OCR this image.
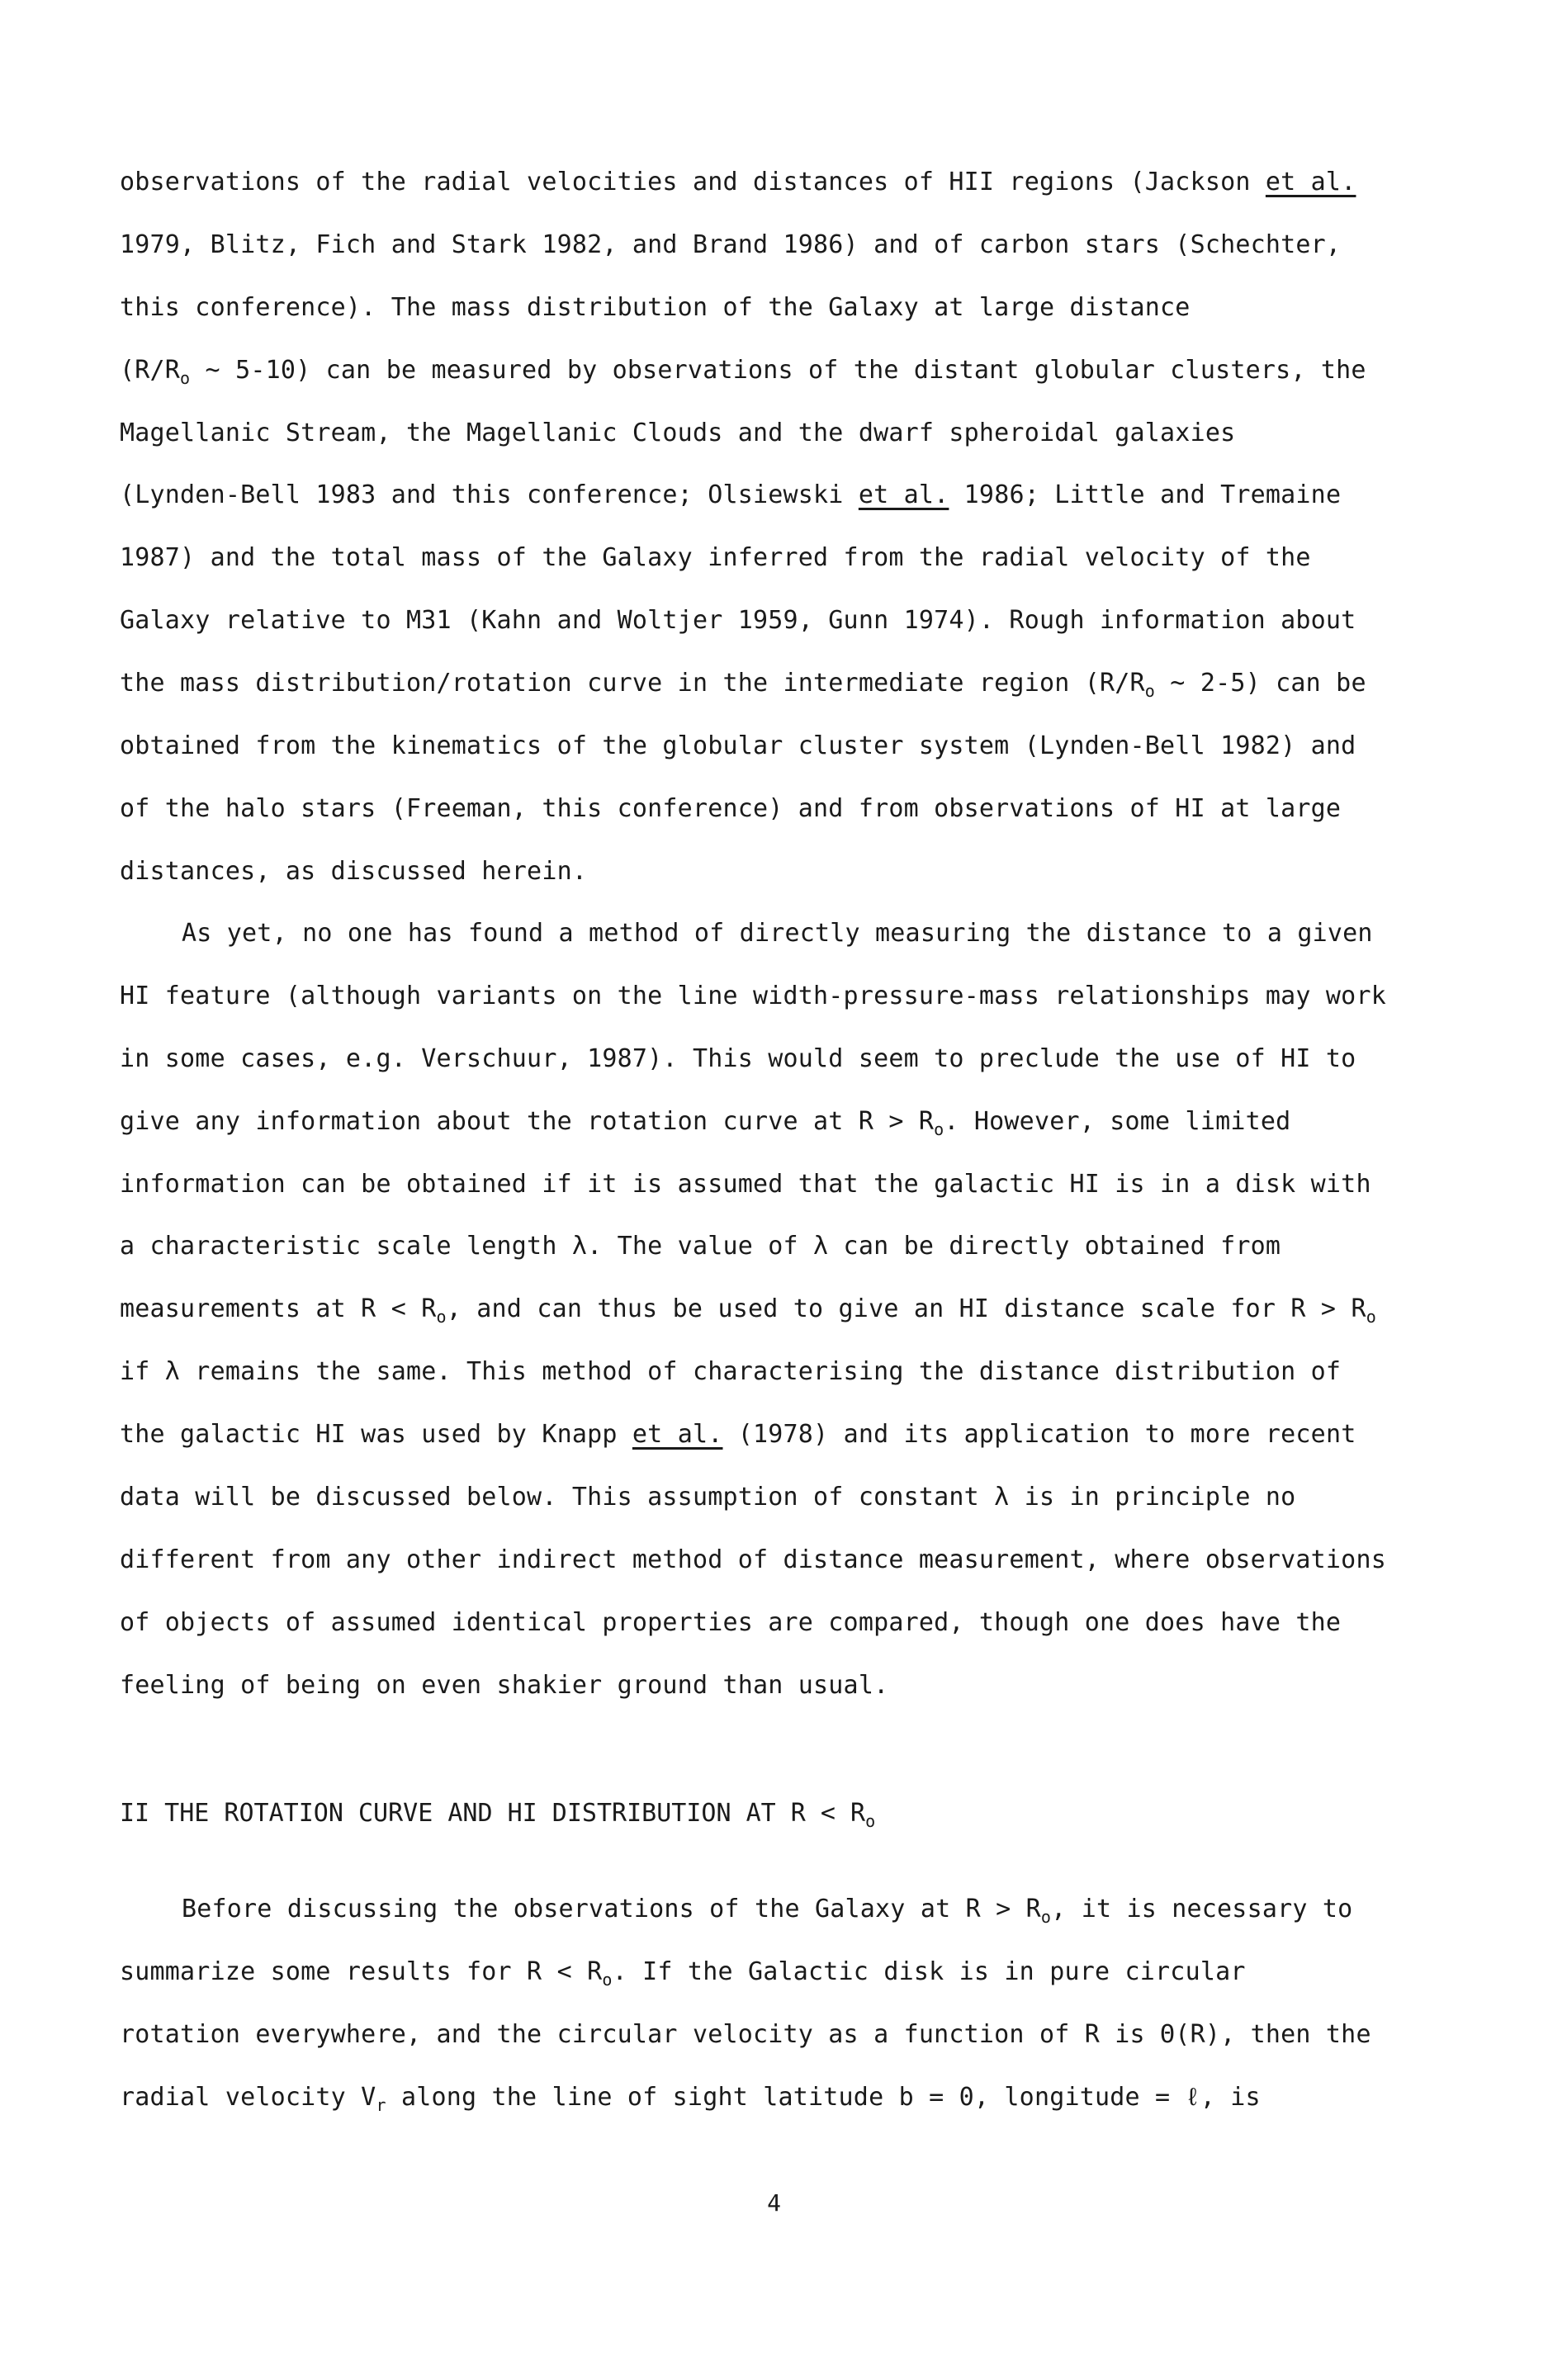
observations of the radial velocities and distances of HII regions (Jackson et al.
1979, Blitz, Fich and Stark 1982, and Brand 1986) and of carbon stars (Schechter,
this conference). The mass distribution of the Galaxy at large distance
($R/R_o$ ~ 5-10) can be measured by observations of the distant globular clusters, the
Magellanic Stream, the Magellanic Clouds and the dwarf spheroidal galaxies
(Lynden-Bell 1983 and this conference; Olsiewski et al. 1986; Little and Tremaine
1987) and the total mass of the Galaxy inferred from the radial velocity of the
Galaxy relative to M31 (Kahn and Woltjer 1959, Gunn 1974). Rough information about
the mass distribution/rotation curve in the intermediate region ($R/R_o$ ~ 2-5) can be
obtained from the kinematics of the globular cluster system (Lynden-Bell 1982) and
of the halo stars (Freeman, this conference) and from observations of HI at large
distances, as discussed herein.
As yet, no one has found a method of directly measuring the distance to a given
HI feature (although variants on the line width-pressure-mass relationships may work
in some cases, e.g. Verschuur, 1987). This would seem to preclude the use of HI to
give any information about the rotation curve at $R > R_o$. However, some limited
information can be obtained if it is assumed that the galactic HI is in a disk with
a characteristic scale length λ. The value of λ can be directly obtained from
measurements at $R < R_o$, and can thus be used to give an HI distance scale for $R > R_o$
if λ remains the same. This method of characterising the distance distribution of
the galactic HI was used by Knapp et al. (1978) and its application to more recent
data will be discussed below. This assumption of constant λ is in principle no
different from any other indirect method of distance measurement, where observations
of objects of assumed identical properties are compared, though one does have the
feeling of being on even shakier ground than usual.
II THE ROTATION CURVE AND HI DISTRIBUTION AT $R < R_o$
Before discussing the observations of the Galaxy at $R > R_o$, it is necessary to
summarize some results for $R < R_o$. If the Galactic disk is in pure circular
rotation everywhere, and the circular velocity as a function of R is Θ(R), then the
radial velocity $V_r$ along the line of sight latitude b = 0, longitude = ℓ, is
4
